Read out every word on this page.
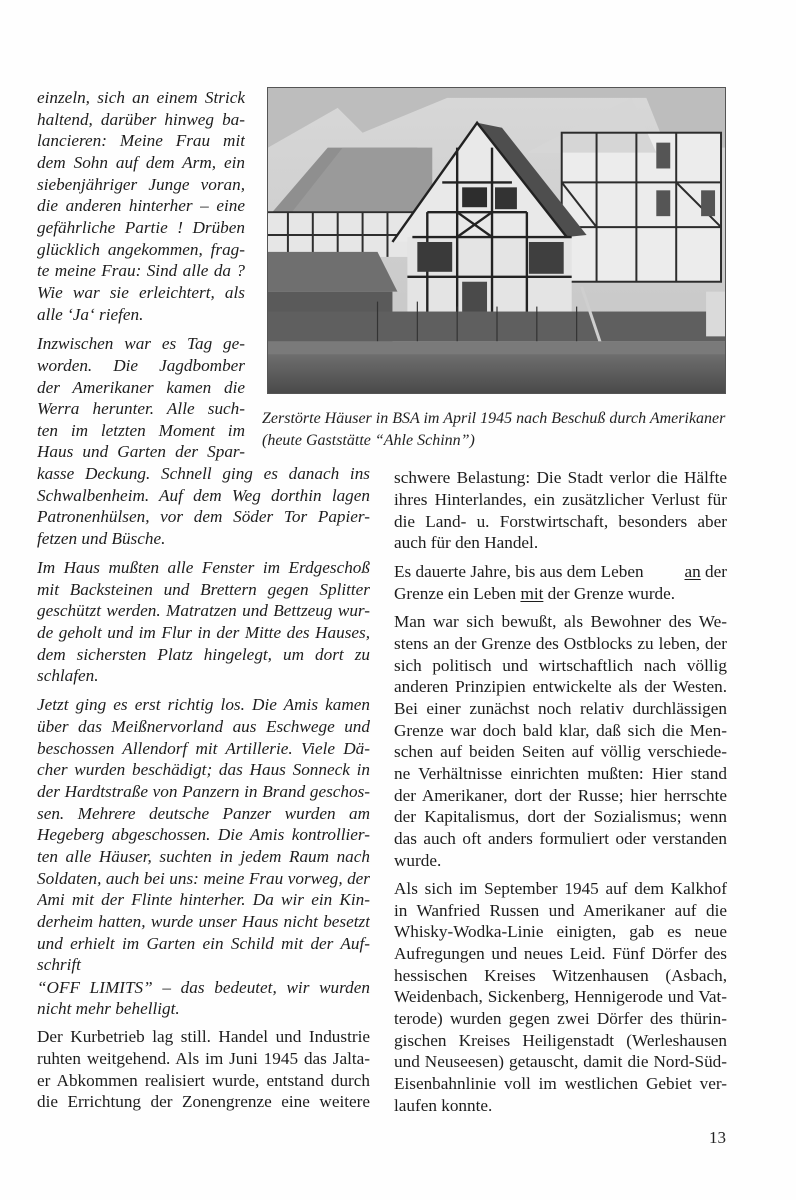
Zerstörte Häuser in BSA im April 1945 nach Beschuß durch Amerikaner
(heute Gaststätte “Ahle Schinn”)
einzeln, sich an einem Strick
haltend, darüber hinweg ba-
lancieren: Meine Frau mit
dem Sohn auf dem Arm, ein
siebenjähriger Junge voran,
die anderen hinterher – eine
gefährliche Partie ! Drüben
glücklich angekommen, frag-
te meine Frau: Sind alle da ?
Wie war sie erleichtert, als
alle ‘Ja‘ riefen.
Inzwischen war es Tag ge-
worden. Die Jagdbomber
der Amerikaner kamen die
Werra herunter. Alle such-
ten im letzten Moment im
Haus und Garten der Spar-
kasse Deckung. Schnell ging es danach ins
Schwalbenheim. Auf dem Weg dorthin lagen
Patronenhülsen, vor dem Söder Tor Papier-
fetzen und Büsche.
Im Haus mußten alle Fenster im Erdgeschoß
mit Backsteinen und Brettern gegen Splitter
geschützt werden. Matratzen und Bettzeug wur-
de geholt und im Flur in der Mitte des Hauses,
dem sichersten Platz hingelegt, um dort zu
schlafen.
Jetzt ging es erst richtig los. Die Amis kamen
über das Meißnervorland aus Eschwege und
beschossen Allendorf mit Artillerie. Viele Dä-
cher wurden beschädigt; das Haus Sonneck in
der Hardtstraße von Panzern in Brand geschos-
sen. Mehrere deutsche Panzer wurden am
Hegeberg abgeschossen. Die Amis kontrollier-
ten alle Häuser, suchten in jedem Raum nach
Soldaten, auch bei uns: meine Frau vorweg, der
Ami mit der Flinte hinterher. Da wir ein Kin-
derheim hatten, wurde unser Haus nicht besetzt
und erhielt im Garten ein Schild mit der Auf-
schrift
“OFF LIMITS” – das bedeutet, wir wurden
nicht mehr behelligt.
Der Kurbetrieb lag still. Handel und Industrie
ruhten weitgehend. Als im Juni 1945 das Jalta-
er Abkommen realisiert wurde, entstand durch
die Errichtung der Zonengrenze eine weitere
schwere Belastung: Die Stadt verlor die Hälfte
ihres Hinterlandes, ein zusätzlicher Verlust für
die Land- u. Forstwirtschaft, besonders aber
auch für den Handel.
Es dauerte Jahre, bis aus dem Leben an der
Grenze ein Leben mit der Grenze wurde.
Man war sich bewußt, als Bewohner des We-
stens an der Grenze des Ostblocks zu leben, der
sich politisch und wirtschaftlich nach völlig
anderen Prinzipien entwickelte als der Westen.
Bei einer zunächst noch relativ durchlässigen
Grenze war doch bald klar, daß sich die Men-
schen auf beiden Seiten auf völlig verschiede-
ne Verhältnisse einrichten mußten: Hier stand
der Amerikaner, dort der Russe; hier herrschte
der Kapitalismus, dort der Sozialismus; wenn
das auch oft anders formuliert oder verstanden
wurde.
Als sich im September 1945 auf dem Kalkhof
in Wanfried Russen und Amerikaner auf die
Whisky-Wodka-Linie einigten, gab es neue
Aufregungen und neues Leid. Fünf Dörfer des
hessischen Kreises Witzenhausen (Asbach,
Weidenbach, Sickenberg, Hennigerode und Vat-
terode) wurden gegen zwei Dörfer des thürin-
gischen Kreises Heiligenstadt (Werleshausen
und Neuseesen) getauscht, damit die Nord-Süd-
Eisenbahnlinie voll im westlichen Gebiet ver-
laufen konnte.
13
